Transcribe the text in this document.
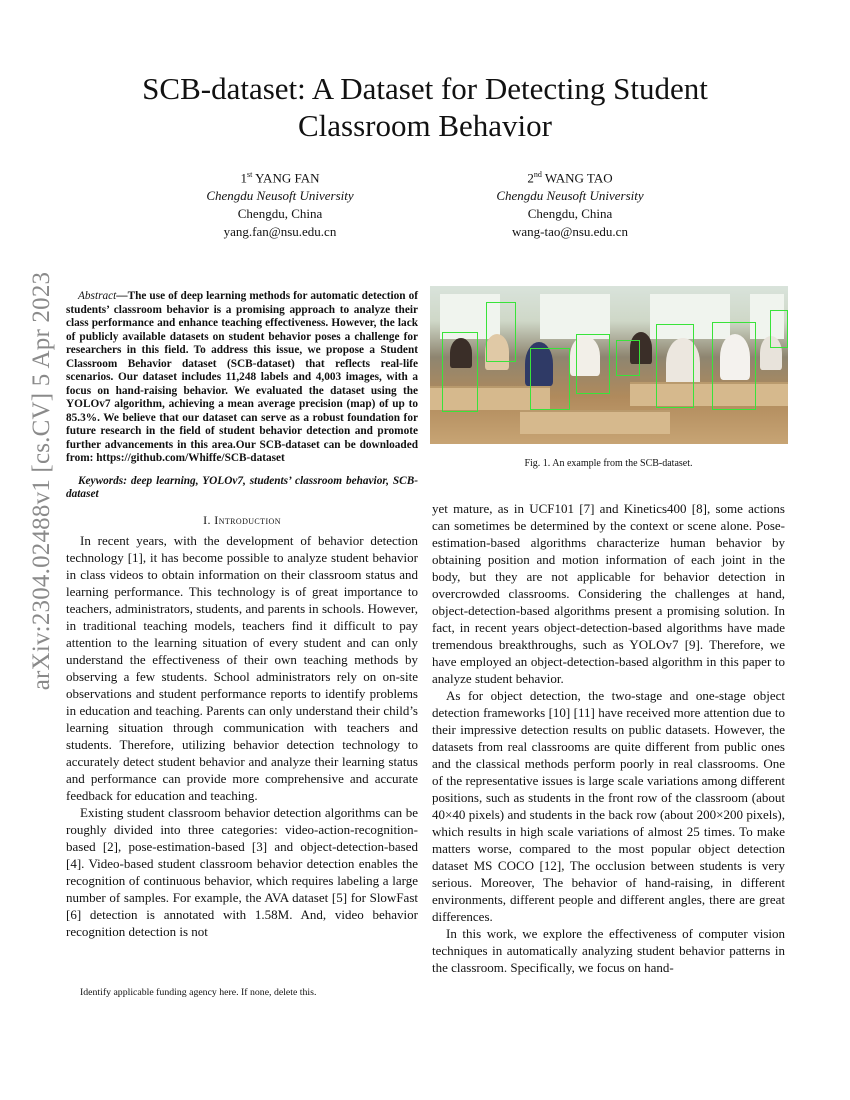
arXiv:2304.02488v1 [cs.CV] 5 Apr 2023
SCB-dataset: A Dataset for Detecting Student Classroom Behavior
1st YANG FAN
Chengdu Neusoft University
Chengdu, China
yang.fan@nsu.edu.cn
2nd WANG TAO
Chengdu Neusoft University
Chengdu, China
wang-tao@nsu.edu.cn

Abstract—The use of deep learning methods for automatic detection of students’ classroom behavior is a promising approach to analyze their class performance and enhance teaching effectiveness. However, the lack of publicly available datasets on student behavior poses a challenge for researchers in this field. To address this issue, we propose a Student Classroom Behavior dataset (SCB-dataset) that reflects real-life scenarios. Our dataset includes 11,248 labels and 4,003 images, with a focus on hand-raising behavior. We evaluated the dataset using the YOLOv7 algorithm, achieving a mean average precision (map) of up to 85.3%. We believe that our dataset can serve as a robust foundation for future research in the field of student behavior detection and promote further advancements in this area.Our SCB-dataset can be downloaded from: https://github.com/Whiffe/SCB-dataset

Keywords: deep learning, YOLOv7, students’ classroom behavior, SCB-dataset

I. Introduction

In recent years, with the development of behavior detection technology [1], it has become possible to analyze student behavior in class videos to obtain information on their classroom status and learning performance. This technology is of great importance to teachers, administrators, students, and parents in schools. However, in traditional teaching models, teachers find it difficult to pay attention to the learning situation of every student and can only understand the effectiveness of their own teaching methods by observing a few students. School administrators rely on on-site observations and student performance reports to identify problems in education and teaching. Parents can only understand their child’s learning situation through communication with teachers and students. Therefore, utilizing behavior detection technology to accurately detect student behavior and analyze their learning status and performance can provide more comprehensive and accurate feedback for education and teaching.

Existing student classroom behavior detection algorithms can be roughly divided into three categories: video-action-recognition-based [2], pose-estimation-based [3] and object-detection-based [4]. Video-based student classroom behavior detection enables the recognition of continuous behavior, which requires labeling a large number of samples. For example, the AVA dataset [5] for SlowFast [6] detection is annotated with 1.58M. And, video behavior recognition detection is not

Identify applicable funding agency here. If none, delete this.
Fig. 1. An example from the SCB-dataset.

yet mature, as in UCF101 [7] and Kinetics400 [8], some actions can sometimes be determined by the context or scene alone. Pose-estimation-based algorithms characterize human behavior by obtaining position and motion information of each joint in the body, but they are not applicable for behavior detection in overcrowded classrooms. Considering the challenges at hand, object-detection-based algorithms present a promising solution. In fact, in recent years object-detection-based algorithms have made tremendous breakthroughs, such as YOLOv7 [9]. Therefore, we have employed an object-detection-based algorithm in this paper to analyze student behavior.

As for object detection, the two-stage and one-stage object detection frameworks [10] [11] have received more attention due to their impressive detection results on public datasets. However, the datasets from real classrooms are quite different from public ones and the classical methods perform poorly in real classrooms. One of the representative issues is large scale variations among different positions, such as students in the front row of the classroom (about 40×40 pixels) and students in the back row (about 200×200 pixels), which results in high scale variations of almost 25 times. To make matters worse, compared to the most popular object detection dataset MS COCO [12], The occlusion between students is very serious. Moreover, The behavior of hand-raising, in different environments, different people and different angles, there are great differences.

In this work, we explore the effectiveness of computer vision techniques in automatically analyzing student behavior patterns in the classroom. Specifically, we focus on hand-
